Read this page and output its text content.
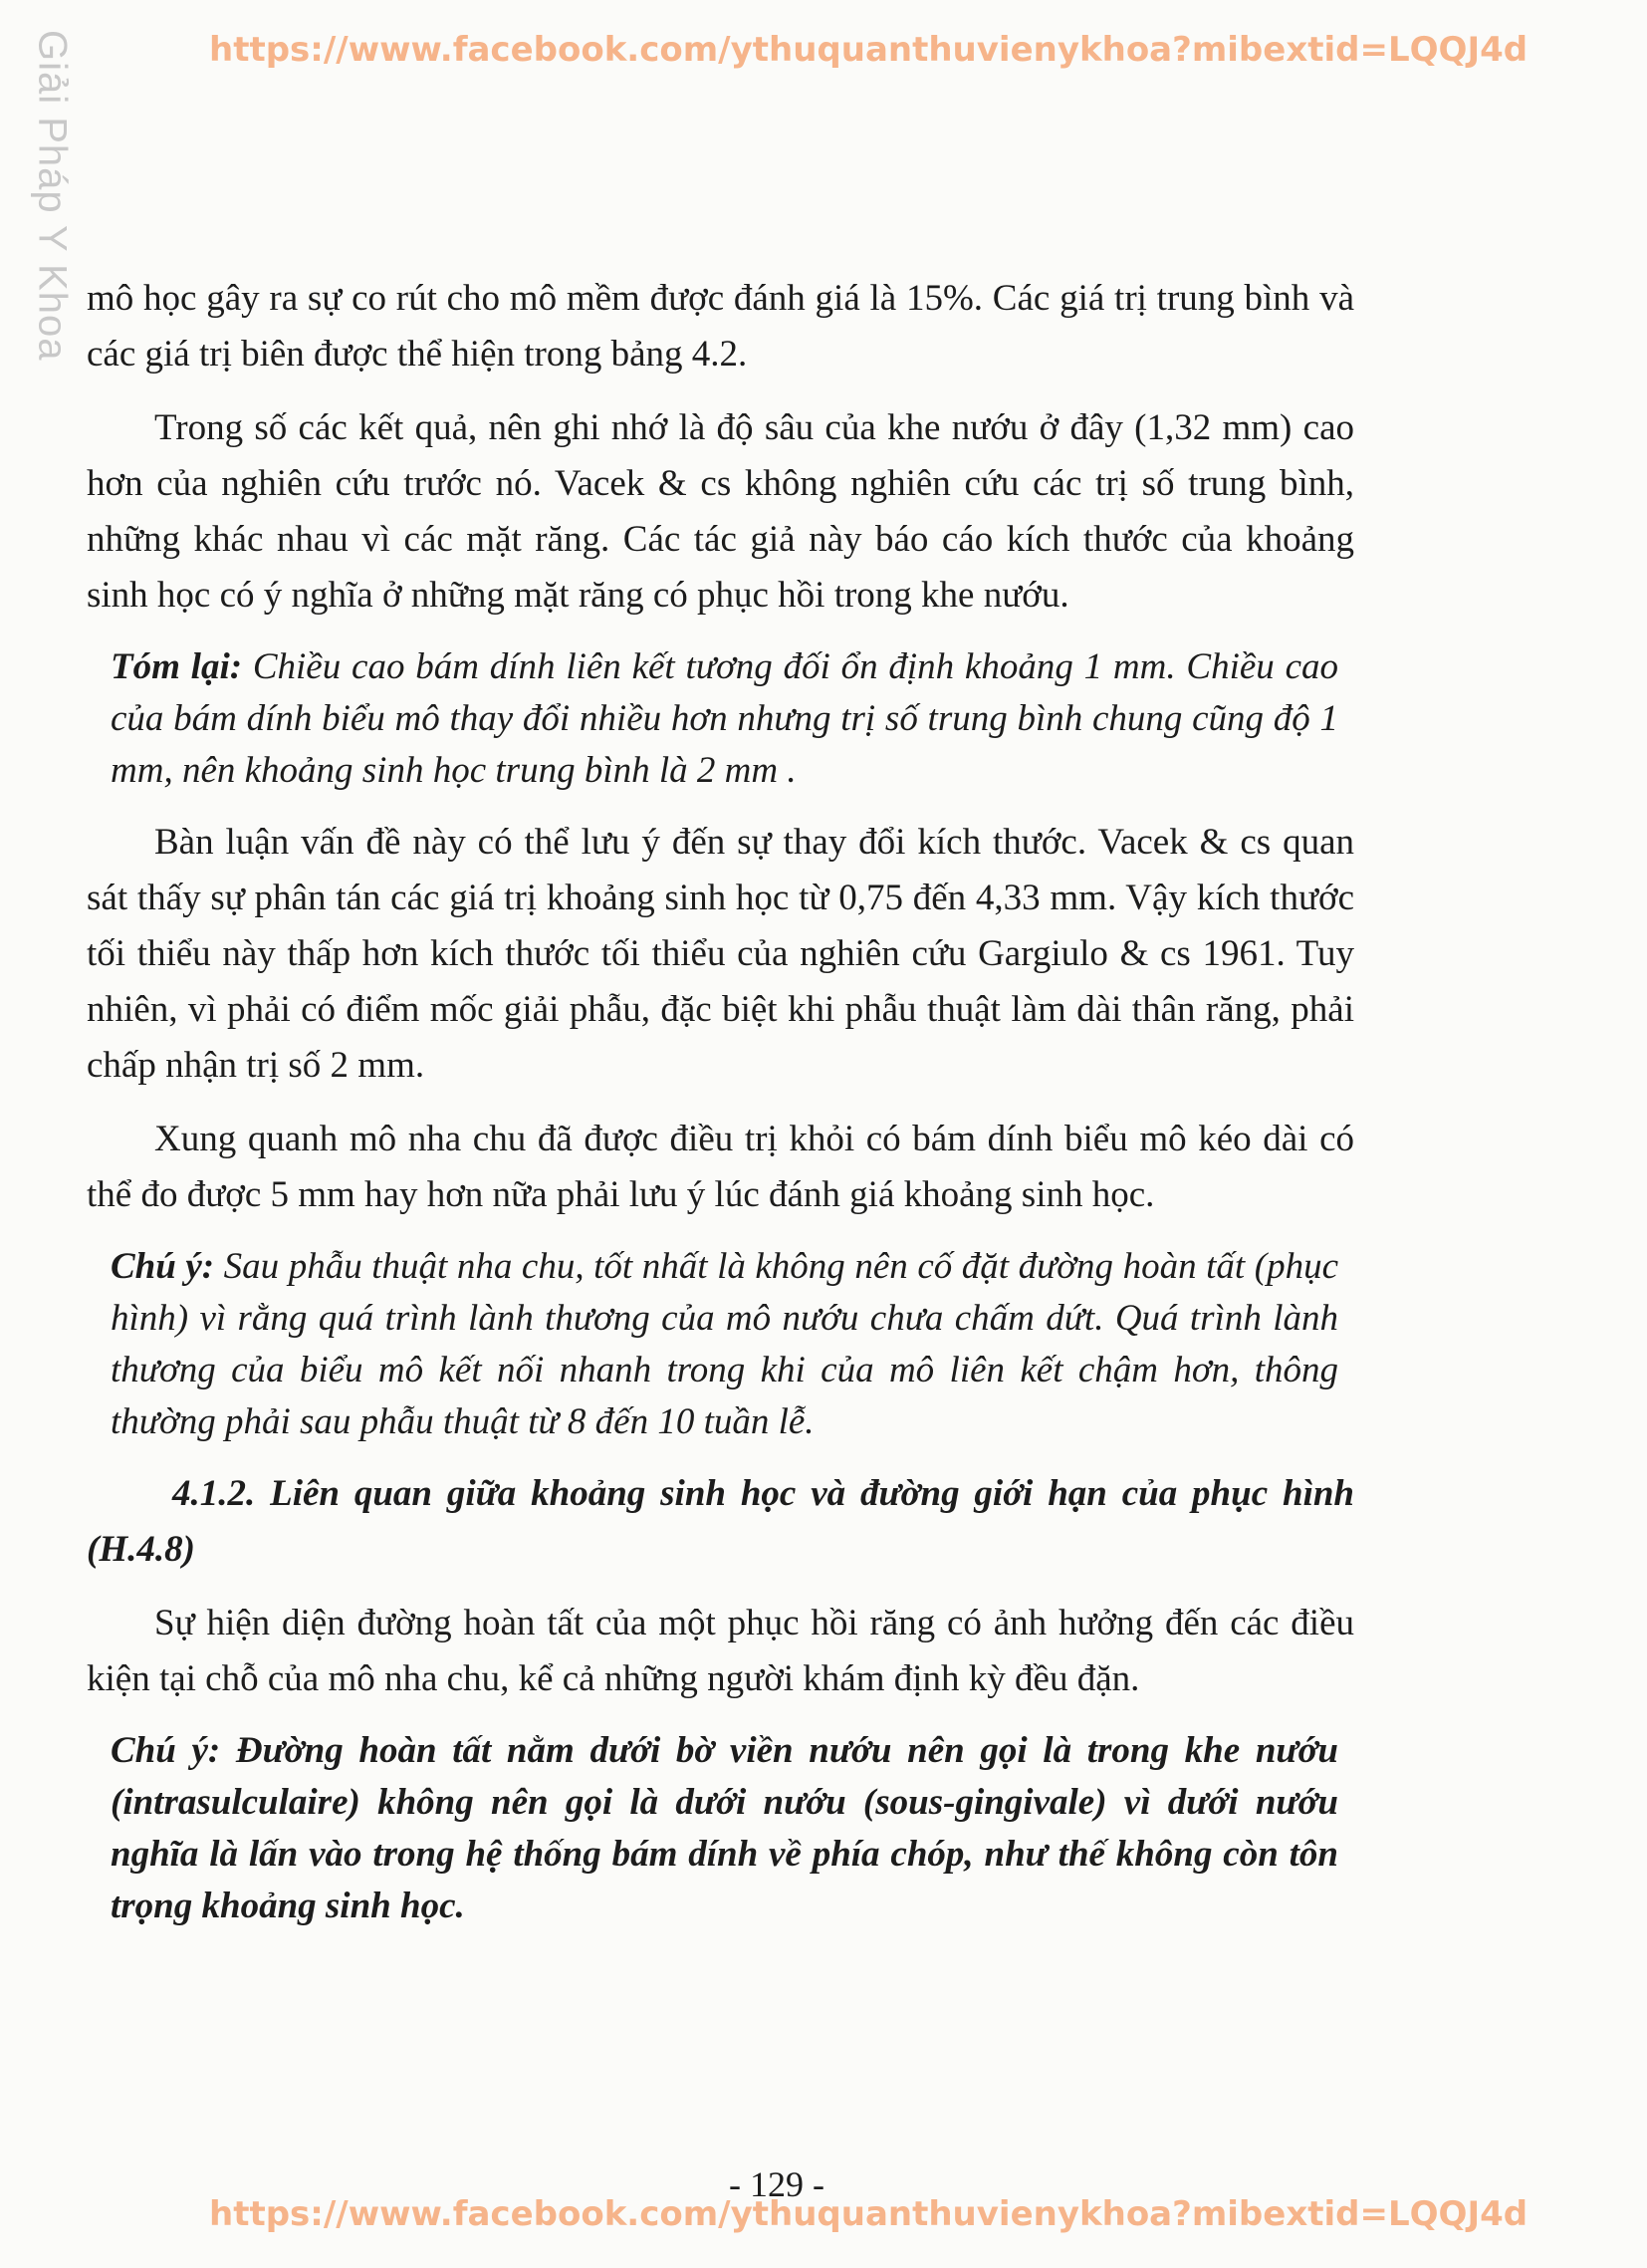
Giải Pháp Y Khoa	https://www.facebook.com/ythuquanthuvienykhoa?mibextid=LQQJ4d

mô học gây ra sự co rút cho mô mềm được đánh giá là 15%. Các giá trị trung bình và các giá trị biên được thể hiện trong bảng 4.2.

Trong số các kết quả, nên ghi nhớ là độ sâu của khe nướu ở đây (1,32 mm) cao hơn của nghiên cứu trước nó. Vacek & cs không nghiên cứu các trị số trung bình, những khác nhau vì các mặt răng. Các tác giả này báo cáo kích thước của khoảng sinh học có ý nghĩa ở những mặt răng có phục hồi trong khe nướu.

Tóm lại: Chiều cao bám dính liên kết tương đối ổn định khoảng 1 mm. Chiều cao của bám dính biểu mô thay đổi nhiều hơn nhưng trị số trung bình chung cũng độ 1 mm, nên khoảng sinh học trung bình là 2 mm .

Bàn luận vấn đề này có thể lưu ý đến sự thay đổi kích thước. Vacek & cs quan sát thấy sự phân tán các giá trị khoảng sinh học từ 0,75 đến 4,33 mm. Vậy kích thước tối thiểu này thấp hơn kích thước tối thiểu của nghiên cứu Gargiulo & cs 1961. Tuy nhiên, vì phải có điểm mốc giải phẫu, đặc biệt khi phẫu thuật làm dài thân răng, phải chấp nhận trị số 2 mm.

Xung quanh mô nha chu đã được điều trị khỏi có bám dính biểu mô kéo dài có thể đo được 5 mm hay hơn nữa phải lưu ý lúc đánh giá khoảng sinh học.

Chú ý: Sau phẫu thuật nha chu, tốt nhất là không nên cố đặt đường hoàn tất (phục hình) vì rằng quá trình lành thương của mô nướu chưa chấm dứt. Quá trình lành thương của biểu mô kết nối nhanh trong khi của mô liên kết chậm hơn, thông thường phải sau phẫu thuật từ 8 đến 10 tuần lễ.

4.1.2. Liên quan giữa khoảng sinh học và đường giới hạn của phục hình (H.4.8)

Sự hiện diện đường hoàn tất của một phục hồi răng có ảnh hưởng đến các điều kiện tại chỗ của mô nha chu, kể cả những người khám định kỳ đều đặn.

Chú ý: Đường hoàn tất nằm dưới bờ viền nướu nên gọi là trong khe nướu (intrasulculaire) không nên gọi là dưới nướu (sous-gingivale) vì dưới nướu nghĩa là lấn vào trong hệ thống bám dính về phía chóp, như thế không còn tôn trọng khoảng sinh học.

- 129 -
https://www.facebook.com/ythuquanthuvienykhoa?mibextid=LQQJ4d
